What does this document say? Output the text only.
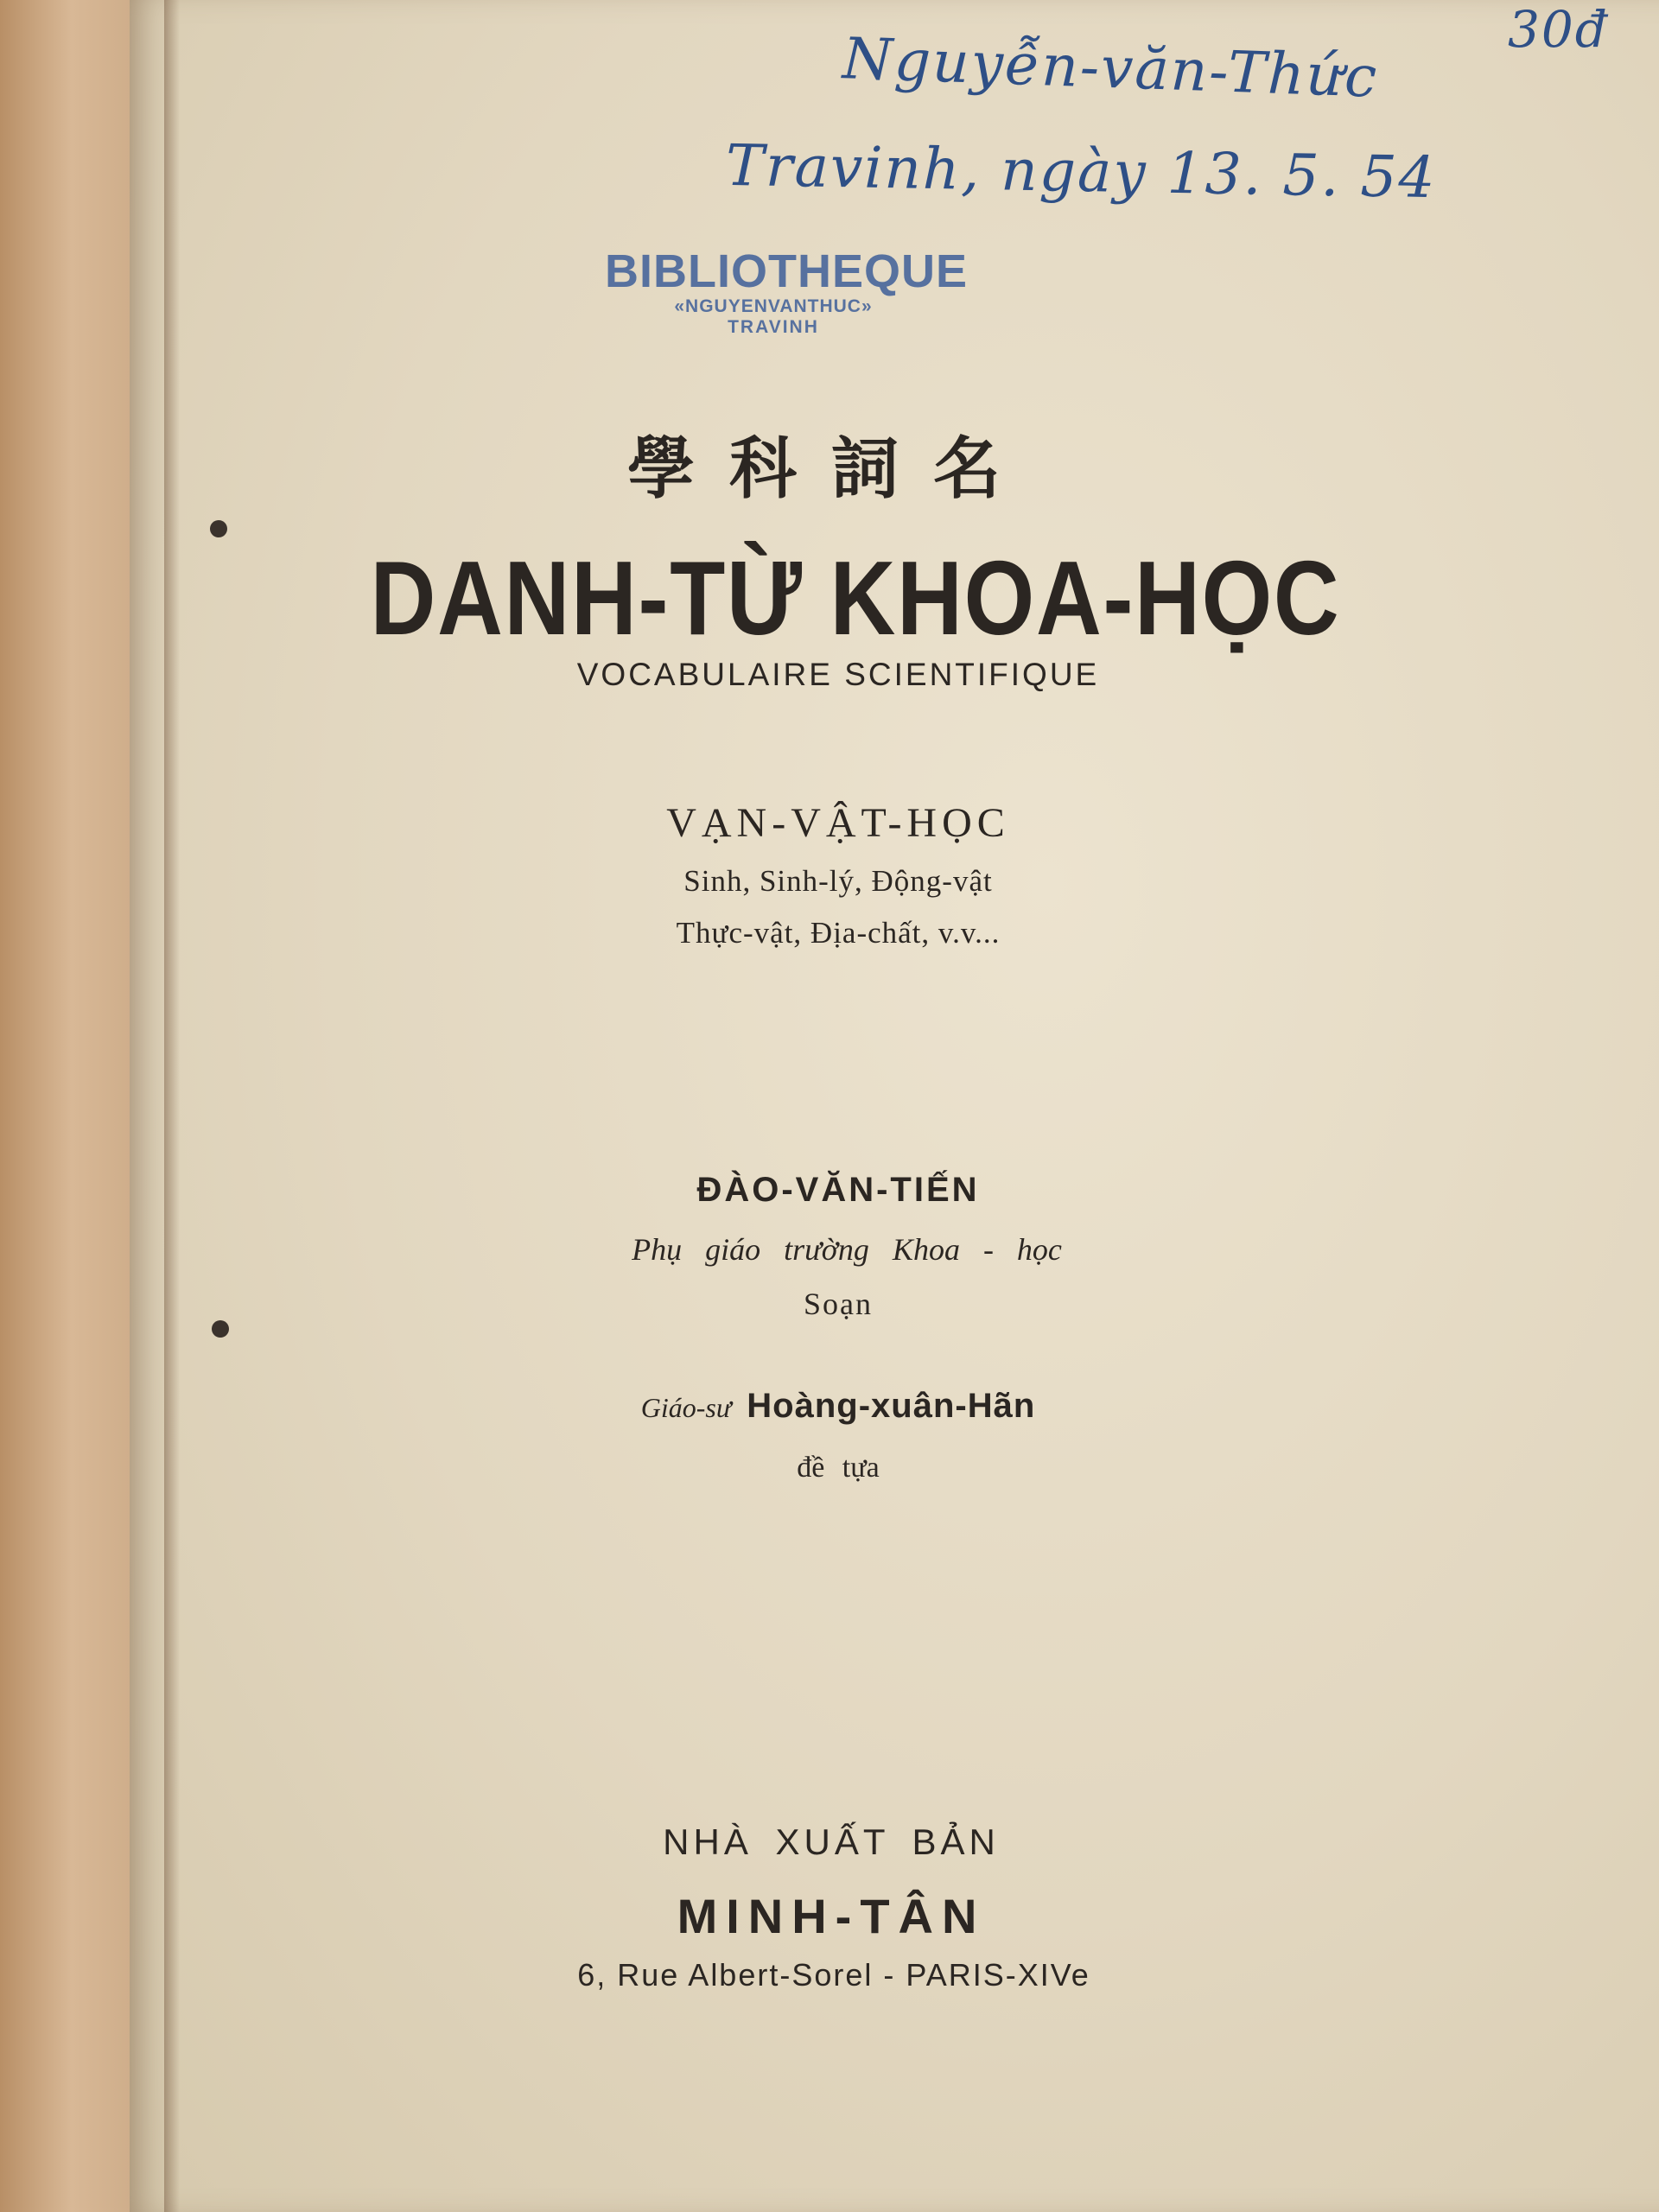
Nguyễn-văn-Thức
Travinh, ngày 13. 5. 54
30đ
BIBLIOTHEQUE
«NGUYENVANTHUC»
TRAVINH
學科詞名
DANH-TỪ KHOA-HỌC
VOCABULAIRE SCIENTIFIQUE
VẠN-VẬT-HỌC
Sinh, Sinh-lý, Động-vật
Thực-vật, Địa-chất, v.v...
ĐÀO-VĂN-TIẾN
Phụ giáo trường Khoa - học
Soạn
Giáo-sư Hoàng-xuân-Hãn
đề tựa
NHÀ XUẤT BẢN
MINH-TÂN
6, Rue Albert-Sorel - PARIS-XIVe
